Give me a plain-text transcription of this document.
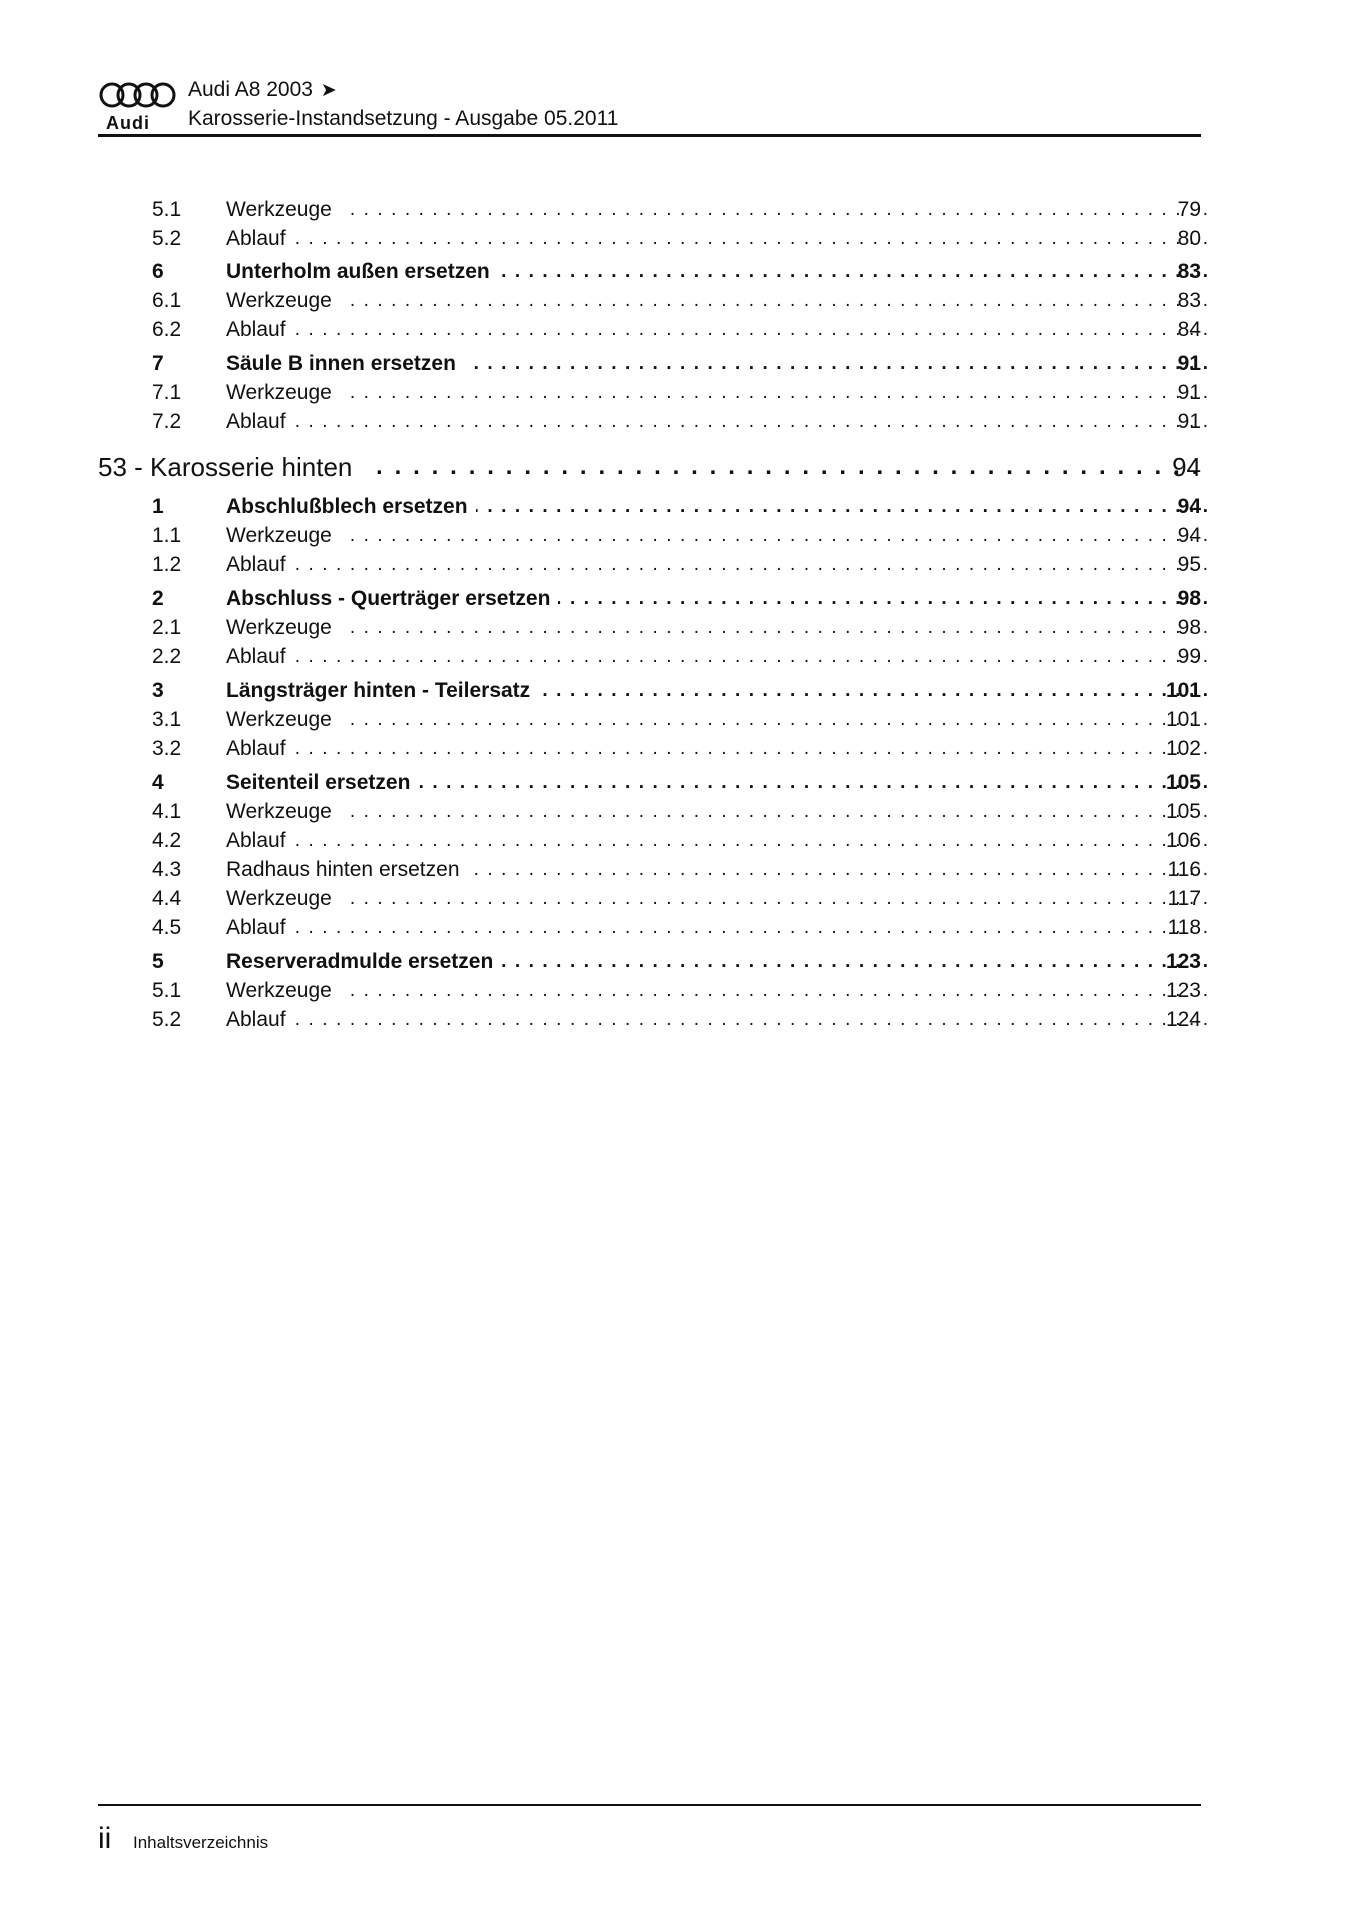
Audi
Audi A8 2003 ➤
Karosserie-Instandsetzung - Ausgabe 05.2011
5.1 Werkzeuge . . .	79
5.2 Ablauf . . .	80
6	Unterholm außen ersetzen . . .	83
6.1 Werkzeuge . . .	83
6.2 Ablauf . . .	84
7	Säule B innen ersetzen . . .	91
7.1 Werkzeuge . . .	91
7.2 Ablauf . . .	91
53 - Karosserie hinten . . .	94
1	Abschlußblech ersetzen . . .	94
1.1 Werkzeuge . . .	94
1.2 Ablauf . . .	95
2	Abschluss - Querträger ersetzen . . .	98
2.1 Werkzeuge . . .	98
2.2 Ablauf . . .	99
3	Längsträger hinten - Teilersatz . . .	101
3.1 Werkzeuge . . .	101
3.2 Ablauf . . .	102
4	Seitenteil ersetzen . . .	105
4.1 Werkzeuge . . .	105
4.2 Ablauf . . .	106
4.3 Radhaus hinten ersetzen . . .	116
4.4 Werkzeuge . . .	117
4.5 Ablauf . . .	118
5	Reserveradmulde ersetzen . . .	123
5.1 Werkzeuge . . .	123
5.2 Ablauf . . .	124
ii Inhaltsverzeichnis
